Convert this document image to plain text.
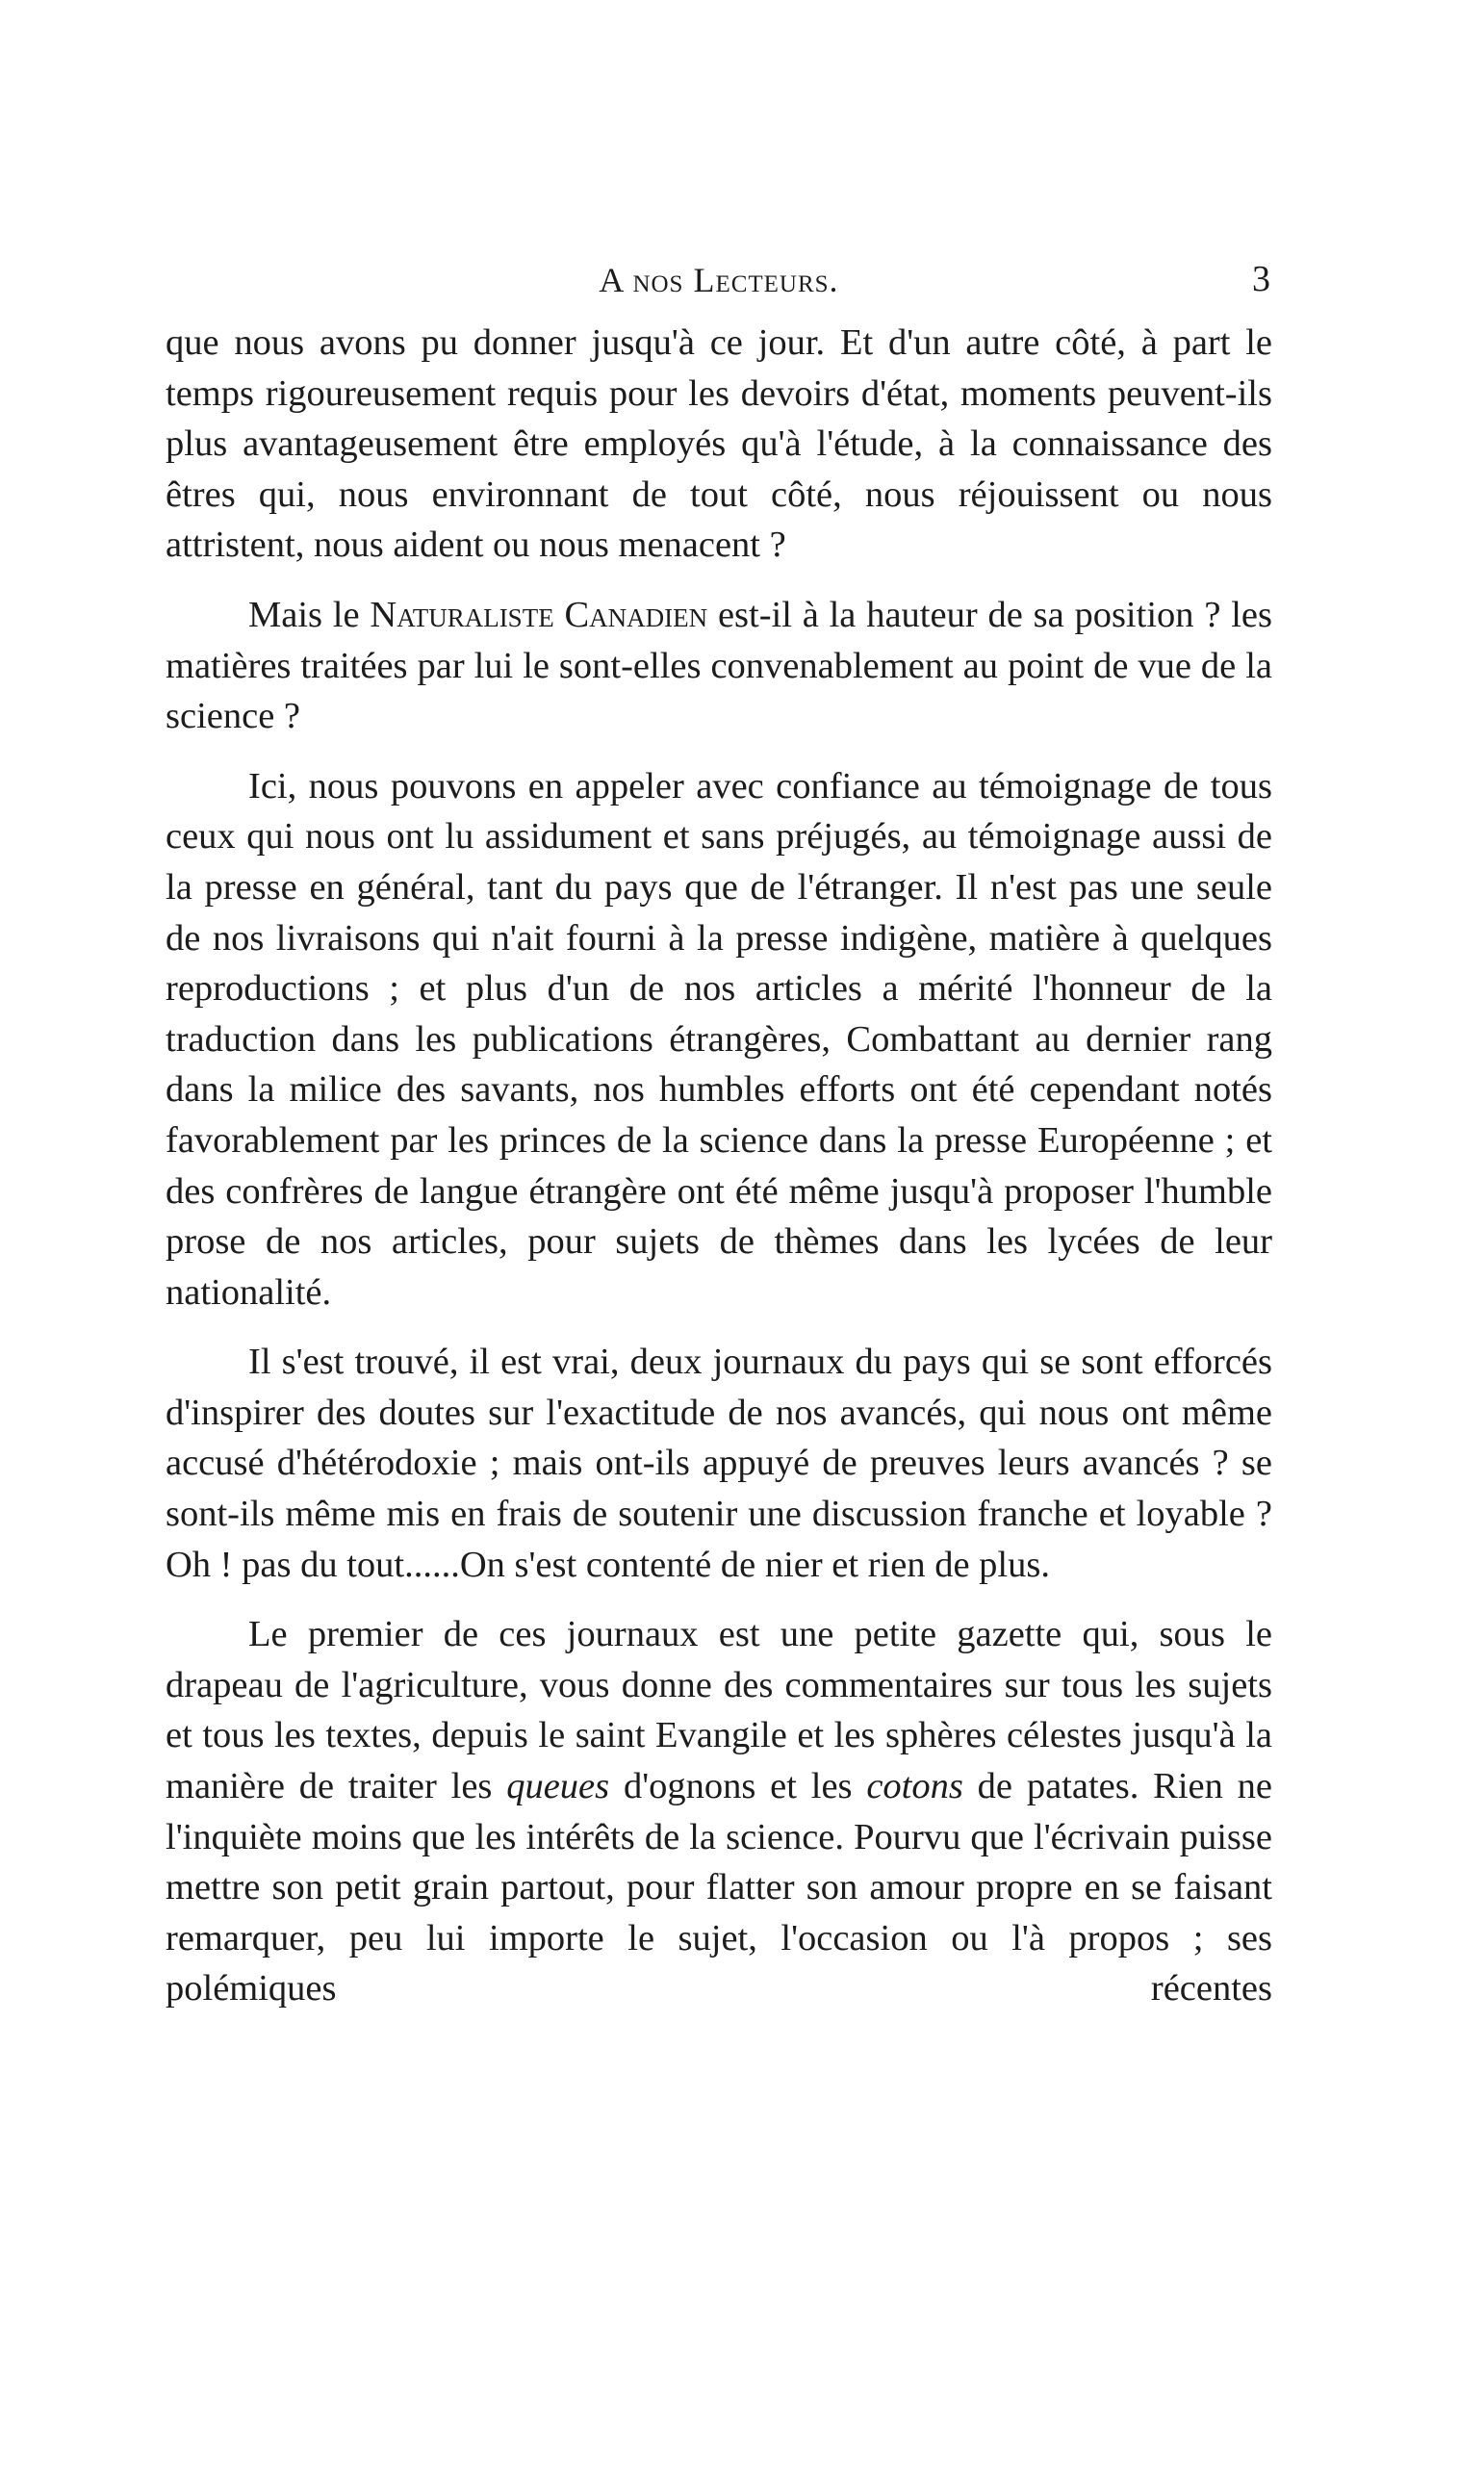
A nos Lecteurs.	3

que nous avons pu donner jusqu'à ce jour. Et d'un autre côté, à part le temps rigoureusement requis pour les devoirs d'état, moments peuvent-ils plus avantageusement être employés qu'à l'étude, à la connaissance des êtres qui, nous environnant de tout côté, nous réjouissent ou nous attristent, nous aident ou nous menacent ?

Mais le Naturaliste Canadien est-il à la hauteur de sa position ? les matières traitées par lui le sont-elles convenablement au point de vue de la science ?

Ici, nous pouvons en appeler avec confiance au témoignage de tous ceux qui nous ont lu assidument et sans préjugés, au témoignage aussi de la presse en général, tant du pays que de l'étranger. Il n'est pas une seule de nos livraisons qui n'ait fourni à la presse indigène, matière à quelques reproductions ; et plus d'un de nos articles a mérité l'honneur de la traduction dans les publications étrangères, Combattant au dernier rang dans la milice des savants, nos humbles efforts ont été cependant notés favorablement par les princes de la science dans la presse Européenne ; et des confrères de langue étrangère ont été même jusqu'à proposer l'humble prose de nos articles, pour sujets de thèmes dans les lycées de leur nationalité.

Il s'est trouvé, il est vrai, deux journaux du pays qui se sont efforcés d'inspirer des doutes sur l'exactitude de nos avancés, qui nous ont même accusé d'hétérodoxie ; mais ont-ils appuyé de preuves leurs avancés ? se sont-ils même mis en frais de soutenir une discussion franche et loyable ? Oh ! pas du tout......On s'est contenté de nier et rien de plus.

Le premier de ces journaux est une petite gazette qui, sous le drapeau de l'agriculture, vous donne des commentaires sur tous les sujets et tous les textes, depuis le saint Evangile et les sphères célestes jusqu'à la manière de traiter les queues d'ognons et les cotons de patates. Rien ne l'inquiète moins que les intérêts de la science. Pourvu que l'écrivain puisse mettre son petit grain partout, pour flatter son amour propre en se faisant remarquer, peu lui importe le sujet, l'occasion ou l'à propos ; ses polémiques récentes
